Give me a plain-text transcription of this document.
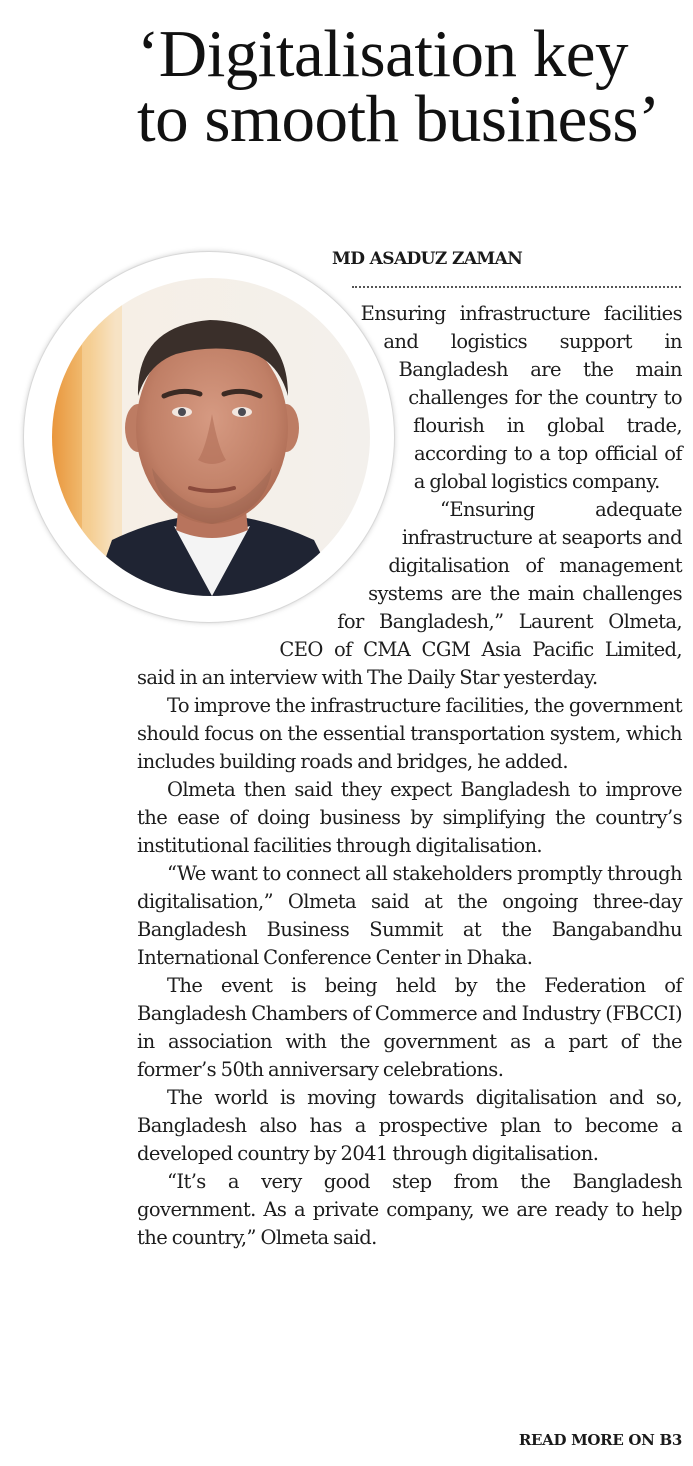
‘Digitalisation key to smooth business’
MD ASADUZ ZAMAN

Ensuring infrastructure facilities and logistics support in Bangladesh are the main challenges for the country to flourish in global trade, according to a top official of a global logistics company.

“Ensuring adequate infrastructure at seaports and digitalisation of management systems are the main challenges for Bangladesh,” Laurent Olmeta, CEO of CMA CGM Asia Pacific Limited, said in an interview with The Daily Star yesterday.

To improve the infrastructure facilities, the government should focus on the essential transportation system, which includes building roads and bridges, he added.

Olmeta then said they expect Bangladesh to improve the ease of doing business by simplifying the country’s institutional facilities through digitalisation.

“We want to connect all stakeholders promptly through digitalisation,” Olmeta said at the ongoing three-day Bangladesh Business Summit at the Bangabandhu International Conference Center in Dhaka.

The event is being held by the Federation of Bangladesh Chambers of Commerce and Industry (FBCCI) in association with the government as a part of the former’s 50th anniversary celebrations.

The world is moving towards digitalisation and so, Bangladesh also has a prospective plan to become a developed country by 2041 through digitalisation.

“It’s a very good step from the Bangladesh government. As a private company, we are ready to help the country,” Olmeta said.

READ MORE ON B3
